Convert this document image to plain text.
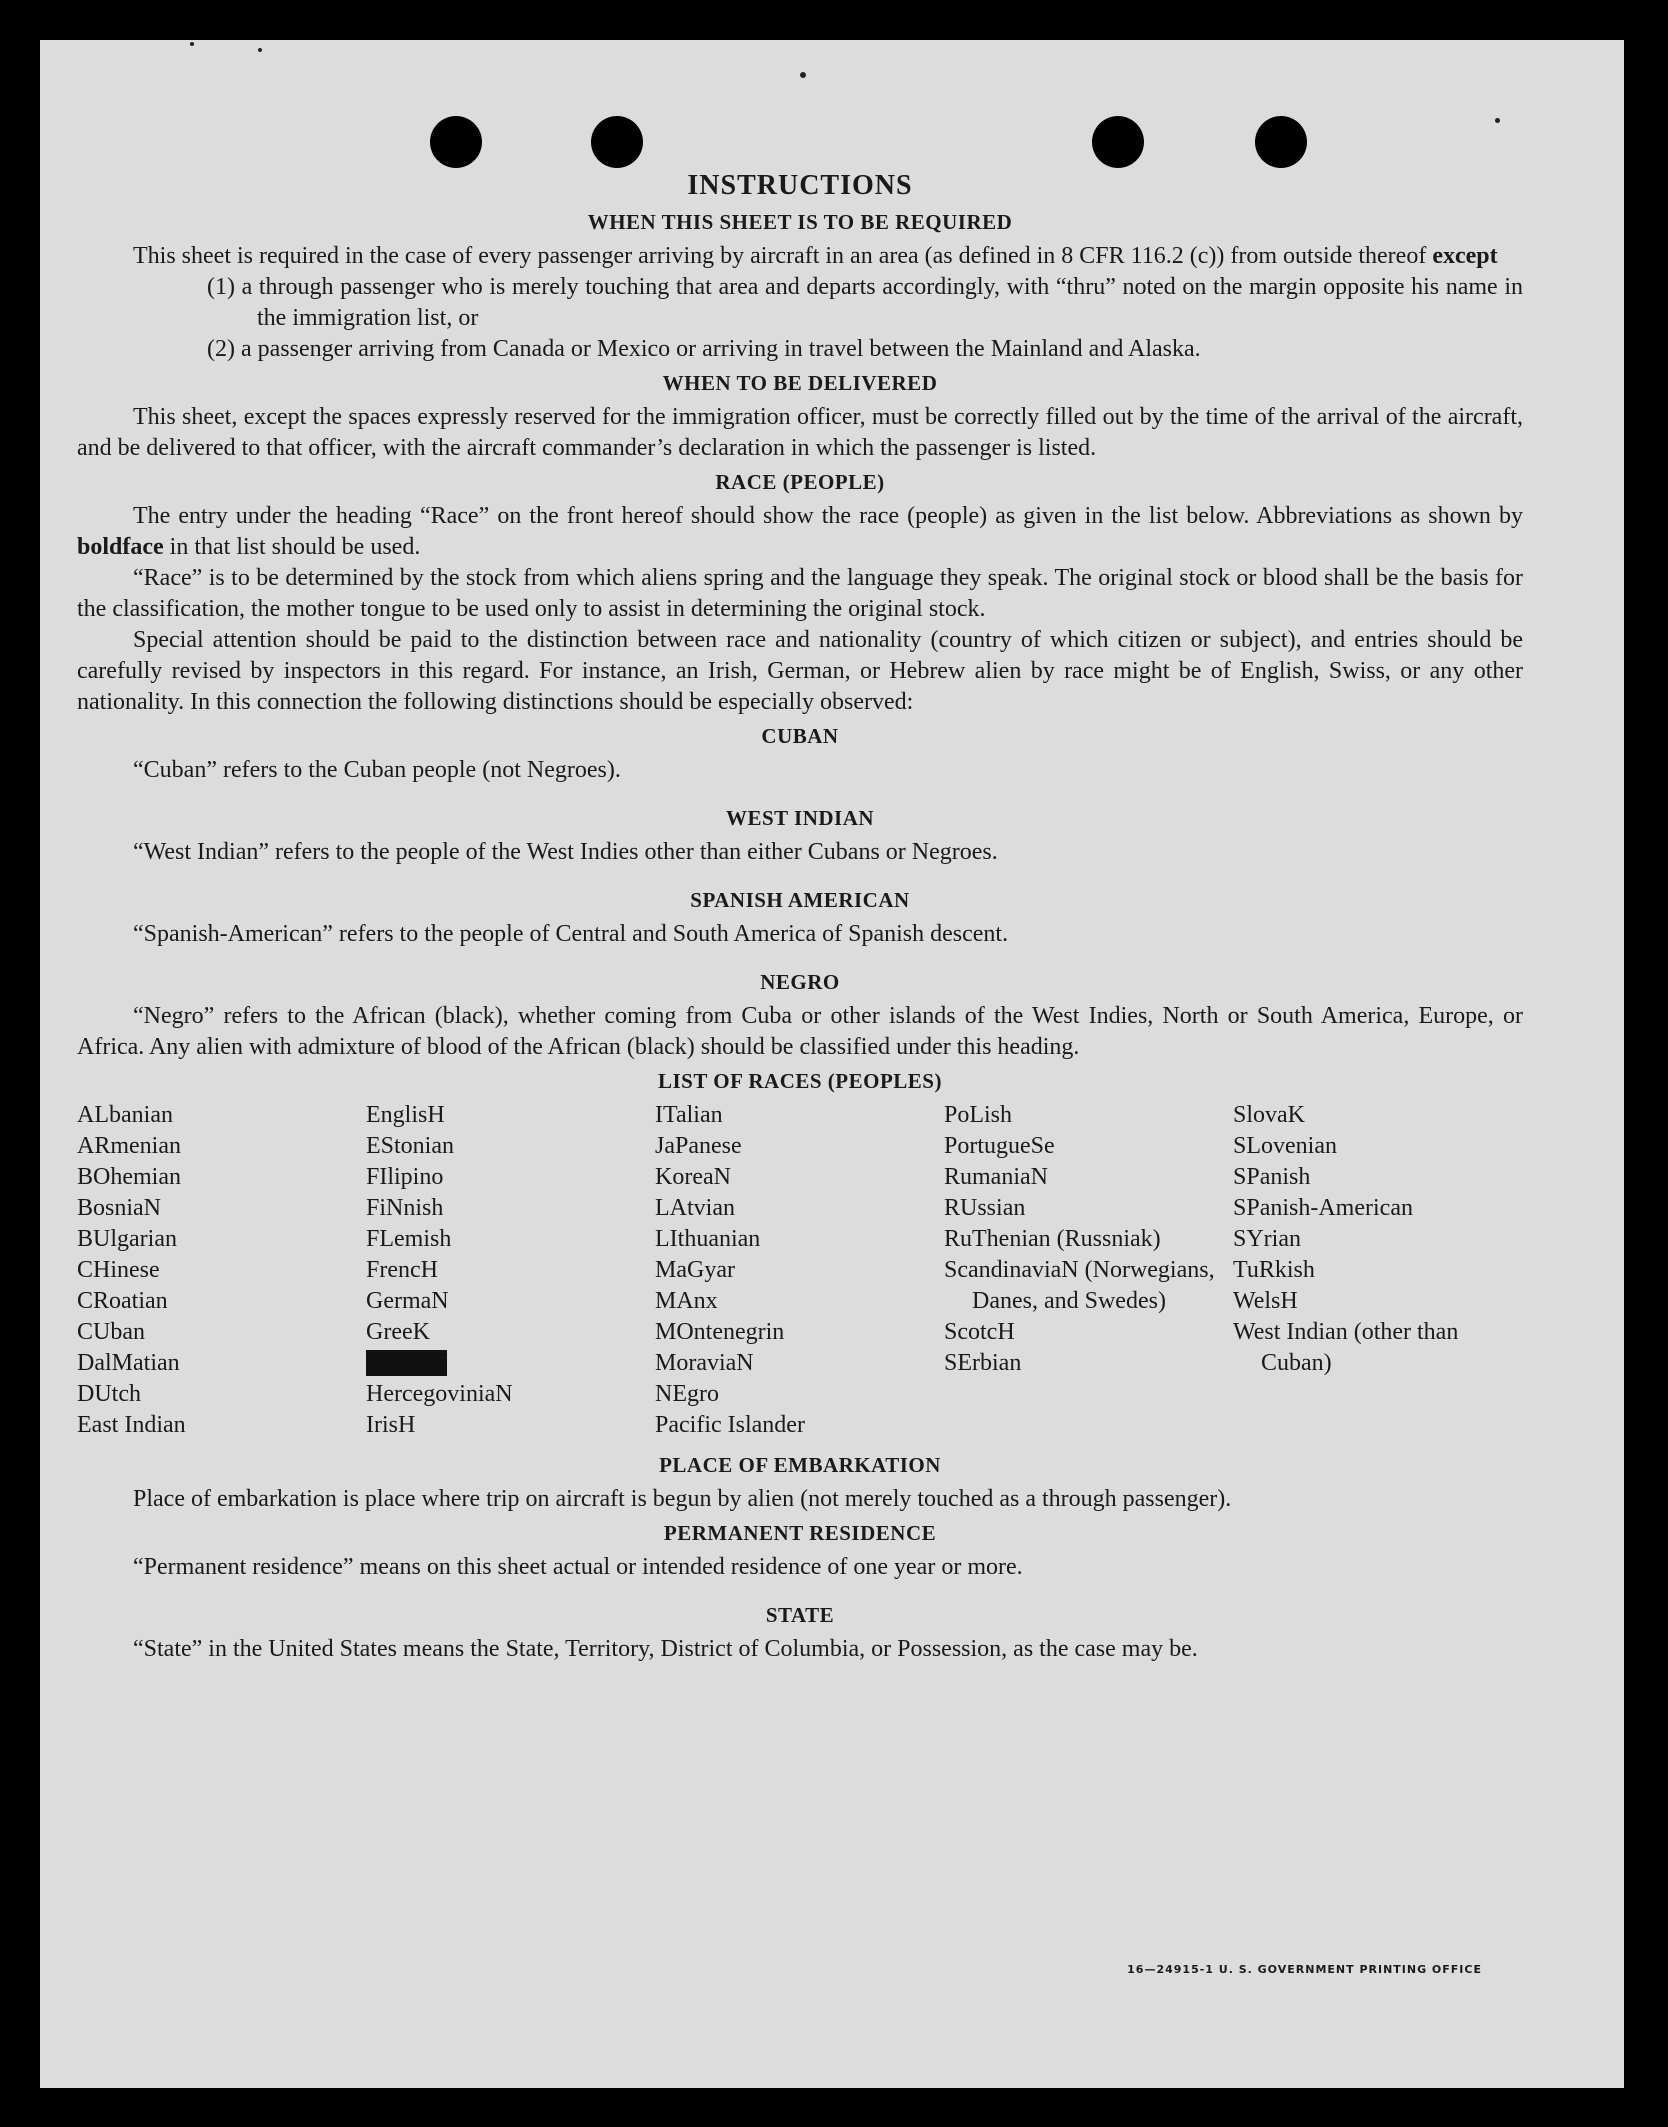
INSTRUCTIONS
WHEN THIS SHEET IS TO BE REQUIRED

This sheet is required in the case of every passenger arriving by aircraft in an area (as defined in 8 CFR 116.2 (c)) from outside thereof except

(1) a through passenger who is merely touching that area and departs accordingly, with “thru” noted on the margin opposite his name in the immigration list, or

(2) a passenger arriving from Canada or Mexico or arriving in travel between the Mainland and Alaska.

WHEN TO BE DELIVERED

This sheet, except the spaces expressly reserved for the immigration officer, must be correctly filled out by the time of the arrival of the aircraft, and be delivered to that officer, with the aircraft commander’s declaration in which the passenger is listed.

RACE (PEOPLE)

The entry under the heading “Race” on the front hereof should show the race (people) as given in the list below. Abbreviations as shown by boldface in that list should be used.

“Race” is to be determined by the stock from which aliens spring and the language they speak. The original stock or blood shall be the basis for the classification, the mother tongue to be used only to assist in determining the original stock.

Special attention should be paid to the distinction between race and nationality (country of which citizen or subject), and entries should be carefully revised by inspectors in this regard. For instance, an Irish, German, or Hebrew alien by race might be of English, Swiss, or any other nationality. In this connection the following distinctions should be especially observed:

CUBAN

“Cuban” refers to the Cuban people (not Negroes).

WEST INDIAN

“West Indian” refers to the people of the West Indies other than either Cubans or Negroes.

SPANISH AMERICAN

“Spanish-American” refers to the people of Central and South America of Spanish descent.

NEGRO

“Negro” refers to the African (black), whether coming from Cuba or other islands of the West Indies, North or South America, Europe, or Africa. Any alien with admixture of blood of the African (black) should be classified under this heading.

LIST OF RACES (PEOPLES)
ALbanian
ARmenian
BOhemian
BosniaN
BUlgarian
CHinese
CRoatian
CUban
DalMatian
DUtch
East Indian
EnglisH
EStonian
FIlipino
FiNnish
FLemish
FrencH
GermaN
GreeK
HebreW
HercegoviniaN
IrisH
ITalian
JaPanese
KoreaN
LAtvian
LIthuanian
MaGyar
MAnx
MOntenegrin
MoraviaN
NEgro
Pacific Islander
PoLish
PortugueSe
RumaniaN
RUssian
RuThenian (Russniak)
ScandinaviaN (Norwegians, Danes, and Swedes)
ScotcH
SErbian
SlovaK
SLovenian
SPanish
SPanish-American
SYrian
TuRkish
WelsH
West Indian (other than Cuban)
PLACE OF EMBARKATION

Place of embarkation is place where trip on aircraft is begun by alien (not merely touched as a through passenger).

PERMANENT RESIDENCE

“Permanent residence” means on this sheet actual or intended residence of one year or more.

STATE

“State” in the United States means the State, Territory, District of Columbia, or Possession, as the case may be.

16—24915-1 U. S. GOVERNMENT PRINTING OFFICE
